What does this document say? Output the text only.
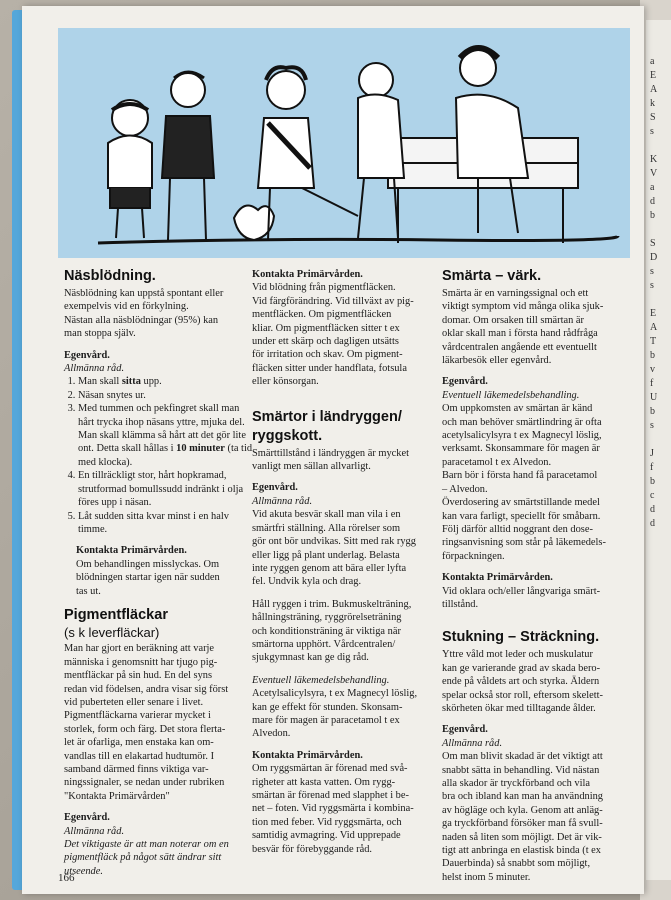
a
E
A
k
S
s

K
V
a
d
b

S
D
s
s

E
A
T
b
v
f
U
b
s

J
f
b
c
d
d
Näsblödning.

Näsblödning kan uppstå spontant eller

exempelvis vid en förkylning.

Nästan alla näsblödningar (95%) kan

man stoppa själv.

Egenvård.

Allmänna råd.

1. Man skall sitta upp.
2. Näsan snytes ur.
3. Med tummen och pekfingret skall man hårt trycka ihop näsans yttre, mjuka del. Man skall klämma så hårt att det gör lite ont. Detta skall hållas i 10 minuter (ta tid med klocka).
4. En tillräckligt stor, hårt hopkramad, strutformad bomullssudd indränkt i olja föres upp i näsan.
5. Låt sudden sitta kvar minst i en halv timme.

Kontakta Primärvården.

Om behandlingen misslyckas. Om

blödningen startar igen när sudden

tas ut.

Pigmentfläckar

(s k leverfläckar)

Man har gjort en beräkning att varje

människa i genomsnitt har tjugo pig-

mentfläckar på sin hud. En del syns

redan vid födelsen, andra visar sig först

vid puberteten eller senare i livet.

Pigmentfläckarna varierar mycket i

storlek, form och färg. Det stora flerta-

let är ofarliga, men enstaka kan om-

vandlas till en elakartad hudtumör. I

samband därmed finns viktiga var-

ningssignaler, se nedan under rubriken

"Kontakta Primärvården"

Egenvård.

Allmänna råd.

Det viktigaste är att man noterar om en

pigmentfläck på något sätt ändrar sitt

utseende.

Kontakta Primärvården.

Vid blödning från pigmentfläcken.

Vid färgförändring. Vid tillväxt av pig-

mentfläcken. Om pigmentfläcken

kliar. Om pigmentfläcken sitter t ex

under ett skärp och dagligen utsätts

för irritation och skav. Om pigment-

fläcken sitter under handflata, fotsula

eller könsorgan.

Smärtor i ländryggen/
ryggskott.

Smärttillstånd i ländryggen är mycket

vanligt men sällan allvarligt.

Egenvård.

Allmänna råd.

Vid akuta besvär skall man vila i en

smärtfri ställning. Alla rörelser som

gör ont bör undvikas. Sitt med rak rygg

eller ligg på plant underlag. Belasta

inte ryggen genom att bära eller lyfta

fel. Undvik kyla och drag.

Håll ryggen i trim. Bukmuskelträning,

hållningsträning, ryggrörelseträning

och konditionsträning är viktiga när

smärtorna upphört. Vårdcentralen/

sjukgymnast kan ge dig råd.

Eventuell läkemedelsbehandling.

Acetylsalicylsyra, t ex Magnecyl löslig,

kan ge effekt för stunden. Skonsam-

mare för magen är paracetamol t ex

Alvedon.

Kontakta Primärvården.

Om ryggsmärtan är förenad med svå-

righeter att kasta vatten. Om rygg-

smärtan är förenad med slapphet i be-

net – foten. Vid ryggsmärta i kombina-

tion med feber. Vid ryggsmärta, och

samtidig avmagring. Vid upprepade

besvär för förebyggande råd.

Smärta – värk.

Smärta är en varningssignal och ett

viktigt symptom vid många olika sjuk-

domar. Om orsaken till smärtan är

oklar skall man i första hand rådfråga

vårdcentralen angående ett eventuellt

läkarbesök eller egenvård.

Egenvård.

Eventuell läkemedelsbehandling.

Om uppkomsten av smärtan är känd

och man behöver smärtlindring är ofta

acetylsalicylsyra t ex Magnecyl löslig,

verksamt. Skonsammare för magen är

paracetamol t ex Alvedon.

Barn bör i första hand få paracetamol

– Alvedon.

Överdosering av smärtstillande medel

kan vara farligt, speciellt för småbarn.

Följ därför alltid noggrant den dose-

ringsanvisning som står på läkemedels-

förpackningen.

Kontakta Primärvården.

Vid oklara och/eller långvariga smärt-

tillstånd.

Stukning – Sträckning.

Yttre våld mot leder och muskulatur

kan ge varierande grad av skada bero-

ende på våldets art och styrka. Äldern

spelar också stor roll, eftersom skelett-

skörheten ökar med tilltagande ålder.

Egenvård.

Allmänna råd.

Om man blivit skadad är det viktigt att

snabbt sätta in behandling. Vid nästan

alla skador är tryckförband och vila

bra och ibland kan man ha användning

av högläge och kyla. Genom att anläg-

ga tryckförband försöker man få svull-

naden så liten som möjligt. Det är vik-

tigt att anbringa en elastisk binda (t ex

Dauerbinda) så snabbt som möjligt,

helst inom 5 minuter.

166
